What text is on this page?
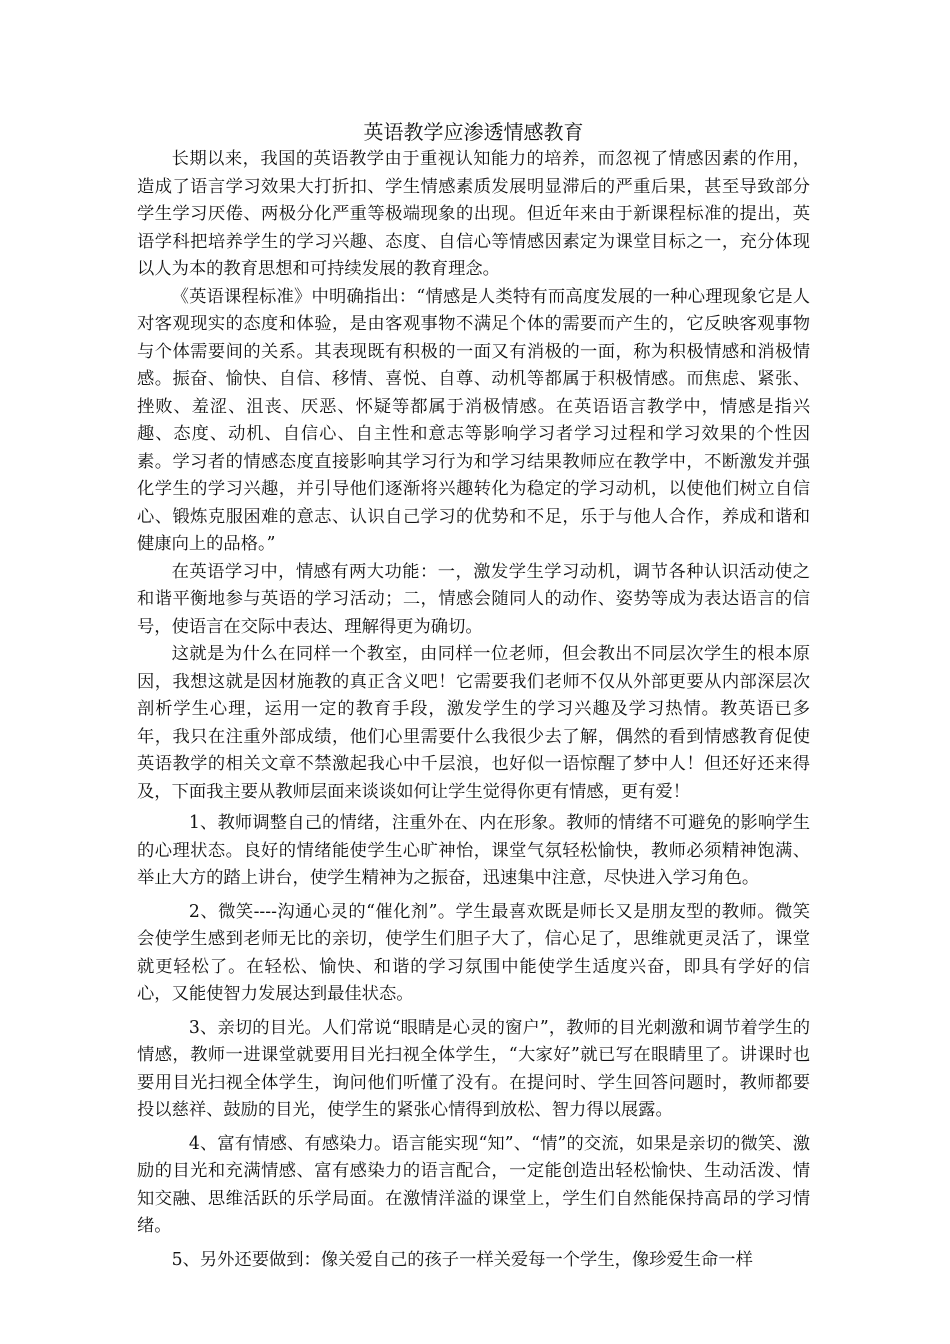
英语教学应渗透情感教育

长期以来，我国的英语教学由于重视认知能力的培养，而忽视了情感因素的作用，造成了语言学习效果大打折扣、学生情感素质发展明显滞后的严重后果，甚至导致部分学生学习厌倦、两极分化严重等极端现象的出现。但近年来由于新课程标准的提出，英语学科把培养学生的学习兴趣、态度、自信心等情感因素定为课堂目标之一，充分体现以人为本的教育思想和可持续发展的教育理念。

《英语课程标准》中明确指出：“情感是人类特有而高度发展的一种心理现象它是人对客观现实的态度和体验，是由客观事物不满足个体的需要而产生的，它反映客观事物与个体需要间的关系。其表现既有积极的一面又有消极的一面，称为积极情感和消极情感。振奋、愉快、自信、移情、喜悦、自尊、动机等都属于积极情感。而焦虑、紧张、挫败、羞涩、沮丧、厌恶、怀疑等都属于消极情感。在英语语言教学中，情感是指兴趣、态度、动机、自信心、自主性和意志等影响学习者学习过程和学习效果的个性因素。学习者的情感态度直接影响其学习行为和学习结果教师应在教学中，不断激发并强化学生的学习兴趣，并引导他们逐渐将兴趣转化为稳定的学习动机，以使他们树立自信心、锻炼克服困难的意志、认识自己学习的优势和不足，乐于与他人合作，养成和谐和健康向上的品格。”

在英语学习中，情感有两大功能：一，激发学生学习动机，调节各种认识活动使之和谐平衡地参与英语的学习活动；二，情感会随同人的动作、姿势等成为表达语言的信号，使语言在交际中表达、理解得更为确切。

这就是为什么在同样一个教室，由同样一位老师，但会教出不同层次学生的根本原因，我想这就是因材施教的真正含义吧！它需要我们老师不仅从外部更要从内部深层次剖析学生心理，运用一定的教育手段，激发学生的学习兴趣及学习热情。教英语已多年，我只在注重外部成绩，他们心里需要什么我很少去了解，偶然的看到情感教育促使英语教学的相关文章不禁激起我心中千层浪，也好似一语惊醒了梦中人！但还好还来得及，下面我主要从教师层面来谈谈如何让学生觉得你更有情感，更有爱！

1、教师调整自己的情绪，注重外在、内在形象。教师的情绪不可避免的影响学生的心理状态。良好的情绪能使学生心旷神怡，课堂气氛轻松愉快，教师必须精神饱满、举止大方的踏上讲台，使学生精神为之振奋，迅速集中注意，尽快进入学习角色。

2、微笑----沟通心灵的“催化剂”。学生最喜欢既是师长又是朋友型的教师。微笑会使学生感到老师无比的亲切，使学生们胆子大了，信心足了，思维就更灵活了，课堂就更轻松了。在轻松、愉快、和谐的学习氛围中能使学生适度兴奋，即具有学好的信心，又能使智力发展达到最佳状态。

3、亲切的目光。人们常说“眼睛是心灵的窗户”，教师的目光刺激和调节着学生的情感，教师一进课堂就要用目光扫视全体学生，“大家好”就已写在眼睛里了。讲课时也要用目光扫视全体学生，询问他们听懂了没有。在提问时、学生回答问题时，教师都要投以慈祥、鼓励的目光，使学生的紧张心情得到放松、智力得以展露。

4、富有情感、有感染力。语言能实现“知”、“情”的交流，如果是亲切的微笑、激励的目光和充满情感、富有感染力的语言配合，一定能创造出轻松愉快、生动活泼、情知交融、思维活跃的乐学局面。在激情洋溢的课堂上，学生们自然能保持高昂的学习情绪。

5、另外还要做到：像关爱自己的孩子一样关爱每一个学生，像珍爱生命一样
